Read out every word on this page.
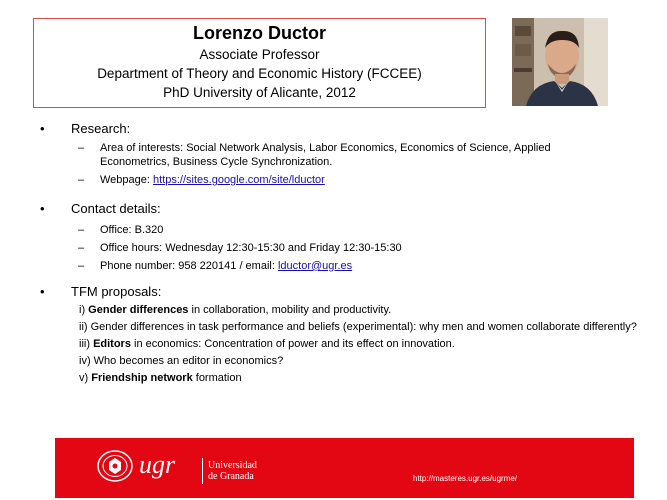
Lorenzo Ductor
Associate Professor
Department of Theory and Economic History (FCCEE)
PhD University of Alicante, 2012
•	Research:
–	Area of interests: Social Network Analysis, Labor Economics, Economics of Science, Applied Econometrics, Business Cycle Synchronization.
–	Webpage: https://sites.google.com/site/lductor
•	Contact details:
–	Office: B.320
–	Office hours: Wednesday 12:30-15:30 and Friday 12:30-15:30
–	Phone number: 958 220141 / email: lductor@ugr.es
•	TFM proposals:
i) Gender differences in collaboration, mobility and productivity.
ii) Gender differences in task performance and beliefs (experimental): why men and women collaborate differently?
iii) Editors in economics: Concentration of power and its effect on innovation.
iv) Who becomes an editor in economics?
v) Friendship network formation
ugr	Universidad
de Granada	http://masteres.ugr.es/ugrme/
